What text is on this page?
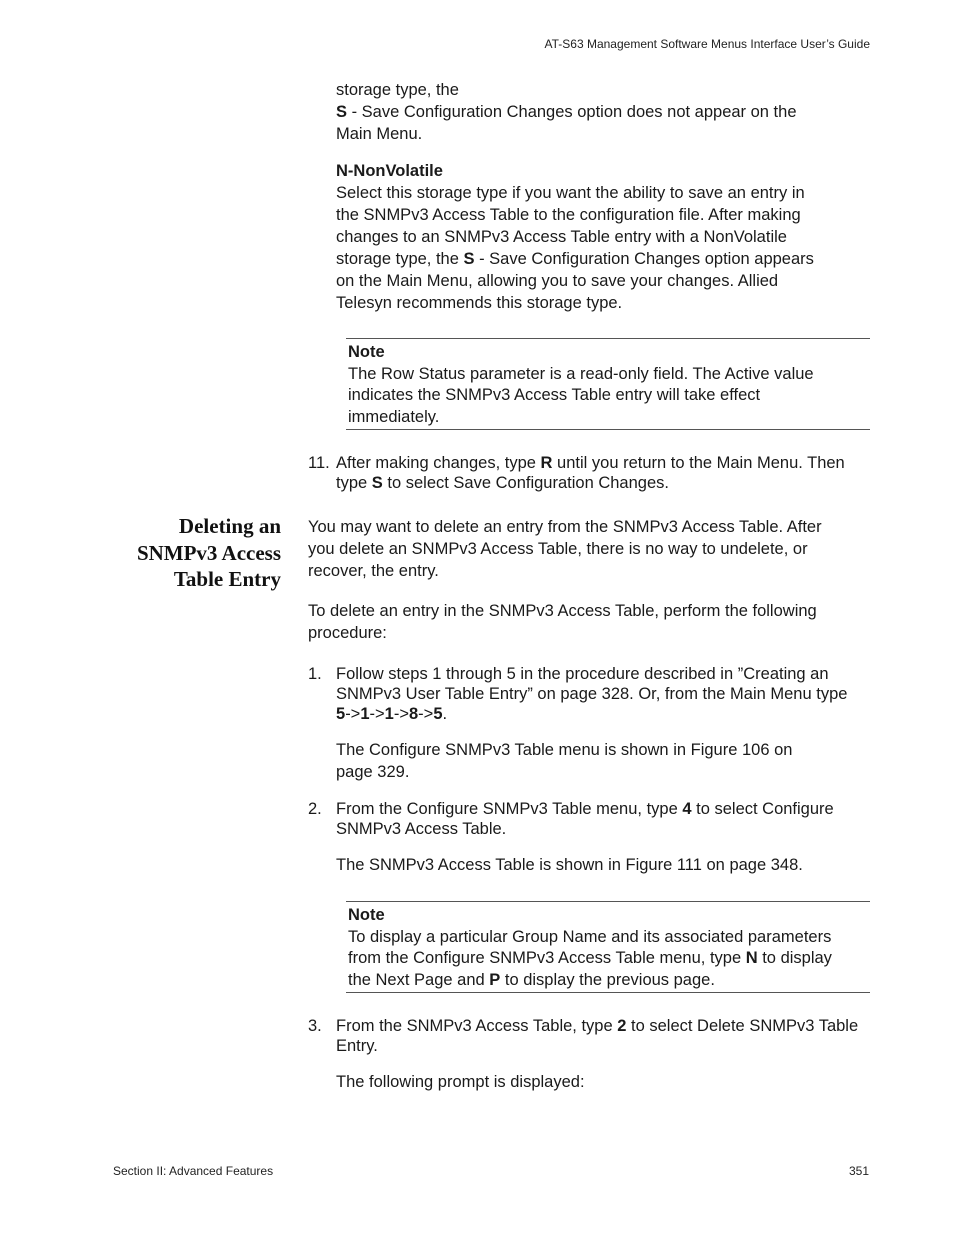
AT-S63 Management Software Menus Interface User’s Guide
storage type, the
S - Save Configuration Changes option does not appear on the
Main Menu.
N-NonVolatile
Select this storage type if you want the ability to save an entry in
the SNMPv3 Access Table to the configuration file. After making
changes to an SNMPv3 Access Table entry with a NonVolatile
storage type, the S - Save Configuration Changes option appears
on the Main Menu, allowing you to save your changes. Allied
Telesyn recommends this storage type.
Note
The Row Status parameter is a read-only field. The Active value
indicates the SNMPv3 Access Table entry will take effect
immediately.
11. After making changes, type R until you return to the Main Menu. Then
type S to select Save Configuration Changes.
Deleting an
SNMPv3 Access
Table Entry
You may want to delete an entry from the SNMPv3 Access Table. After
you delete an SNMPv3 Access Table, there is no way to undelete, or
recover, the entry.
To delete an entry in the SNMPv3 Access Table, perform the following
procedure:
1. Follow steps 1 through 5 in the procedure described in ”Creating an
SNMPv3 User Table Entry” on page 328. Or, from the Main Menu type
5->1->1->8->5.
The Configure SNMPv3 Table menu is shown in Figure 106 on
page 329.
2. From the Configure SNMPv3 Table menu, type 4 to select Configure
SNMPv3 Access Table.
The SNMPv3 Access Table is shown in Figure 111 on page 348.
Note
To display a particular Group Name and its associated parameters
from the Configure SNMPv3 Access Table menu, type N to display
the Next Page and P to display the previous page.
3. From the SNMPv3 Access Table, type 2 to select Delete SNMPv3 Table
Entry.
The following prompt is displayed:
Section II: Advanced Features	351
